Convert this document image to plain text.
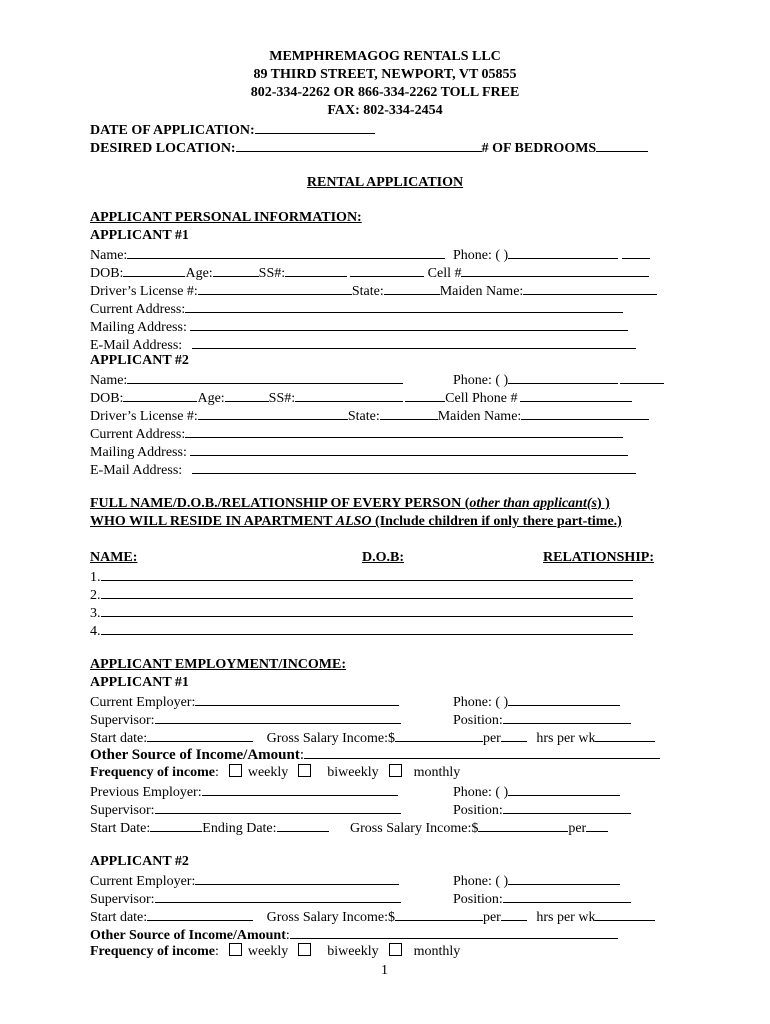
MEMPHREMAGOG RENTALS LLC
89 THIRD STREET, NEWPORT, VT 05855
802-334-2262 OR 866-334-2262 TOLL FREE
FAX: 802-334-2454
DATE OF APPLICATION:
DESIRED LOCATION:	# OF BEDROOMS
RENTAL APPLICATION
APPLICANT PERSONAL INFORMATION:
APPLICANT #1
Name:	Phone: ( )
DOB:	Age:	SS#:	Cell #
Driver’s License #:	State:	Maiden Name:
Current Address:
Mailing Address:
E-Mail Address:
APPLICANT #2
Name:	Phone: ( )
DOB:	Age:	SS#:	Cell Phone #
Driver’s License #:	State:	Maiden Name:
Current Address:
Mailing Address:
E-Mail Address:
FULL NAME/D.O.B./RELATIONSHIP OF EVERY PERSON (other than applicant(s) )
WHO WILL RESIDE IN APARTMENT ALSO (Include children if only there part-time.)
NAME:	D.O.B:	RELATIONSHIP:
1.
2.
3.
4.
APPLICANT EMPLOYMENT/INCOME:
APPLICANT #1
Current Employer:	Phone: ( )
Supervisor:	Position:
Start date:	Gross Salary Income:$	per	hrs per wk
Other Source of Income/Amount:
Frequency of income: weekly	biweekly	monthly
Previous Employer:	Phone: ( )
Supervisor:	Position:
Start Date:	Ending Date:	Gross Salary Income:$	per
APPLICANT #2
Current Employer:	Phone: ( )
Supervisor:	Position:
Start date:	Gross Salary Income:$	per	hrs per wk
Other Source of Income/Amount:
Frequency of income: weekly	biweekly	monthly
1
